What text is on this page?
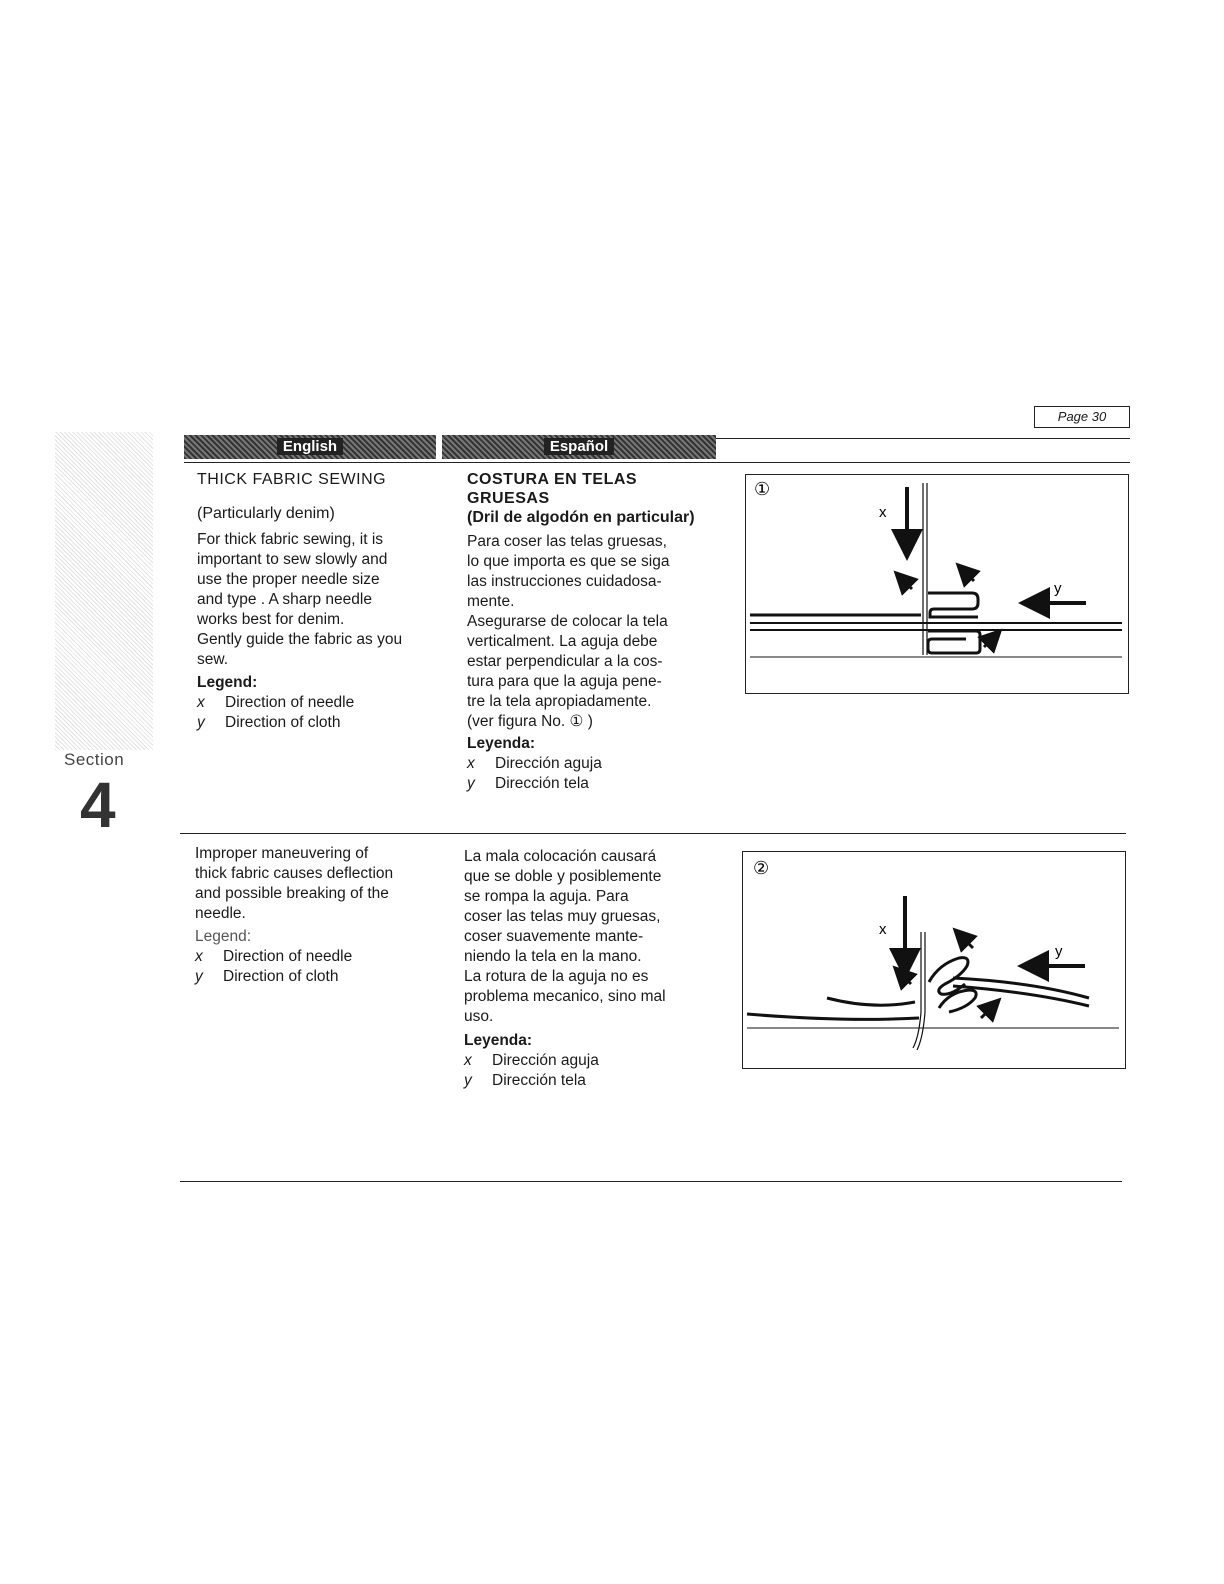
Page 30
English	Español
Section
4

THICK FABRIC SEWING

(Particularly denim)

For thick fabric sewing, it is

important to sew slowly and

use the proper needle size

and type . A sharp needle

works best for denim.

Gently guide the fabric as you

sew.

Legend:

x	Direction of needle
y	Direction of cloth

COSTURA EN TELAS
GRUESAS

(Dril de algodón en particular)

Para coser las telas gruesas,

lo que importa es que se siga

las instrucciones cuidadosa-

mente.

Asegurarse de colocar la tela

verticalment. La aguja debe

estar perpendicular a la cos-

tura para que la aguja pene-

tre la tela apropiadamente.

(ver figura No. ① )

Leyenda:

x	Dirección aguja
y	Dirección tela
①
x
y

Improper maneuvering of

thick fabric causes deflection

and possible breaking of the

needle.

Legend:

x	Direction of needle
y	Direction of cloth

La mala colocación causará

que se doble y posiblemente

se rompa la aguja. Para

coser las telas muy gruesas,

coser suavemente mante-

niendo la tela en la mano.

La rotura de la aguja no es

problema mecanico, sino mal

uso.

Leyenda:

x	Dirección aguja
y	Dirección tela
②
x
y
